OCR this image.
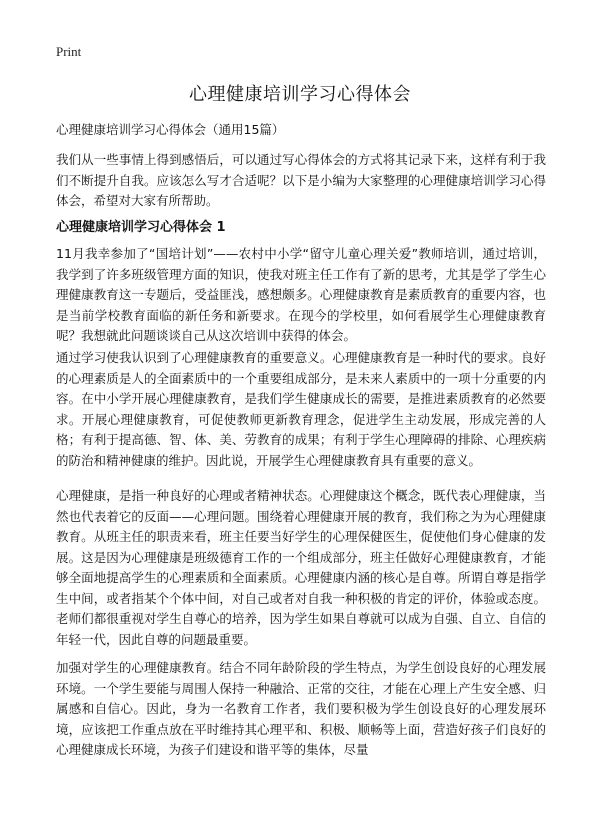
Print
心理健康培训学习心得体会
心理健康培训学习心得体会（通用15篇）

我们从一些事情上得到感悟后，可以通过写心得体会的方式将其记录下来，这样有利于我们不断提升自我。应该怎么写才合适呢？以下是小编为大家整理的心理健康培训学习心得体会，希望对大家有所帮助。

心理健康培训学习心得体会 1

11月我幸参加了“国培计划”——农村中小学“留守儿童心理关爱”教师培训，通过培训，我学到了许多班级管理方面的知识，使我对班主任工作有了新的思考，尤其是学了学生心理健康教育这一专题后，受益匪浅，感想颇多。心理健康教育是素质教育的重要内容，也是当前学校教育面临的新任务和新要求。在现今的学校里，如何看展学生心理健康教育呢？我想就此问题谈谈自己从这次培训中获得的体会。

通过学习使我认识到了心理健康教育的重要意义。心理健康教育是一种时代的要求。良好的心理素质是人的全面素质中的一个重要组成部分，是未来人素质中的一项十分重要的内容。在中小学开展心理健康教育，是我们学生健康成长的需要，是推进素质教育的必然要求。开展心理健康教育，可促使教师更新教育理念，促进学生主动发展，形成完善的人格；有利于提高德、智、体、美、劳教育的成果；有利于学生心理障碍的排除、心理疾病的防治和精神健康的维护。因此说，开展学生心理健康教育具有重要的意义。

心理健康，是指一种良好的心理或者精神状态。心理健康这个概念，既代表心理健康，当然也代表着它的反面——心理问题。围绕着心理健康开展的教育，我们称之为为心理健康教育。从班主任的职责来看，班主任要当好学生的心理保健医生，促使他们身心健康的发展。这是因为心理健康是班级德育工作的一个组成部分，班主任做好心理健康教育，才能够全面地提高学生的心理素质和全面素质。心理健康内涵的核心是自尊。所谓自尊是指学生中间，或者指某个个体中间，对自己或者对自我一种积极的肯定的评价，体验或态度。老师们都很重视对学生自尊心的培养，因为学生如果自尊就可以成为自强、自立、自信的年轻一代，因此自尊的问题最重要。

加强对学生的心理健康教育。结合不同年龄阶段的学生特点，为学生创设良好的心理发展环境。一个学生要能与周围人保持一种融洽、正常的交往，才能在心理上产生安全感、归属感和自信心。因此，身为一名教育工作者，我们要积极为学生创设良好的心理发展环境，应该把工作重点放在平时维持其心理平和、积极、顺畅等上面，营造好孩子们良好的心理健康成长环境，为孩子们建设和谐平等的集体，尽量
